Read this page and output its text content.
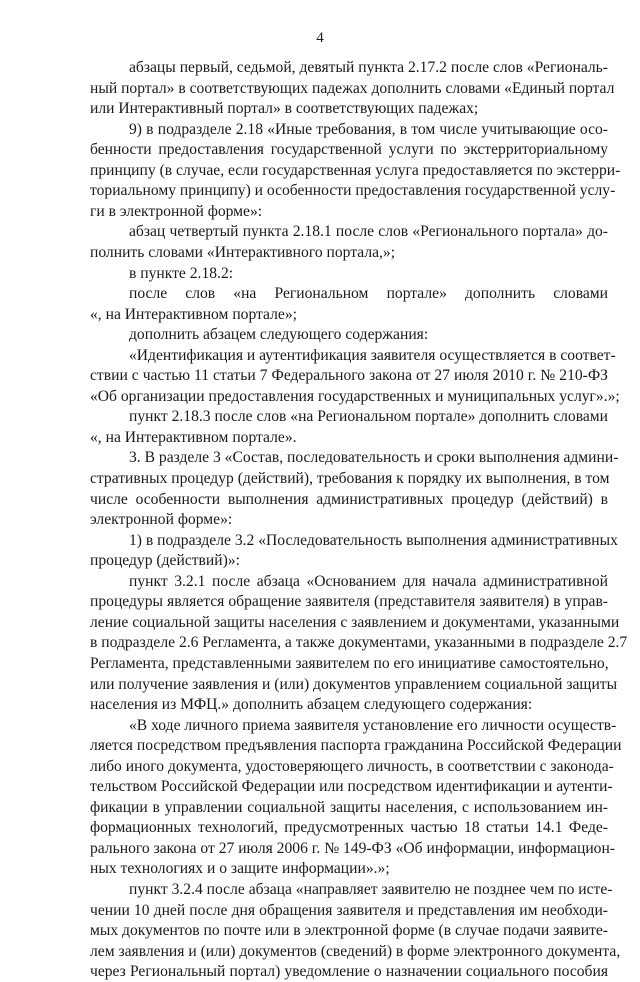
4
абзацы первый, седьмой, девятый пункта 2.17.2 после слов «Региональ-
ный портал» в соответствующих падежах дополнить словами «Единый портал
или Интерактивный портал» в соответствующих падежах;
9) в подразделе 2.18 «Иные требования, в том числе учитывающие осо-
бенности предоставления государственной услуги по экстерриториальному
принципу (в случае, если государственная услуга предоставляется по экстерри-
ториальному принципу) и особенности предоставления государственной услу-
ги в электронной форме»:
абзац четвертый пункта 2.18.1 после слов «Регионального портала» до-
полнить словами «Интерактивного портала,»;
в пункте 2.18.2:
после слов «на Региональном портале» дополнить словами
«, на Интерактивном портале»;
дополнить абзацем следующего содержания:
«Идентификация и аутентификация заявителя осуществляется в соответ-
ствии с частью 11 статьи 7 Федерального закона от 27 июля 2010 г. № 210-ФЗ
«Об организации предоставления государственных и муниципальных услуг».»;
пункт 2.18.3 после слов «на Региональном портале» дополнить словами
«, на Интерактивном портале».
3. В разделе 3 «Состав, последовательность и сроки выполнения админи-
стративных процедур (действий), требования к порядку их выполнения, в том
числе особенности выполнения административных процедур (действий) в
электронной форме»:
1) в подразделе 3.2 «Последовательность выполнения административных
процедур (действий)»:
пункт 3.2.1 после абзаца «Основанием для начала административной
процедуры является обращение заявителя (представителя заявителя) в управ-
ление социальной защиты населения с заявлением и документами, указанными
в подразделе 2.6 Регламента, а также документами, указанными в подразделе 2.7
Регламента, представленными заявителем по его инициативе самостоятельно,
или получение заявления и (или) документов управлением социальной защиты
населения из МФЦ.» дополнить абзацем следующего содержания:
«В ходе личного приема заявителя установление его личности осуществ-
ляется посредством предъявления паспорта гражданина Российской Федерации
либо иного документа, удостоверяющего личность, в соответствии с законода-
тельством Российской Федерации или посредством идентификации и аутенти-
фикации в управлении социальной защиты населения, с использованием ин-
формационных технологий, предусмотренных частью 18 статьи 14.1 Феде-
рального закона от 27 июля 2006 г. № 149-ФЗ «Об информации, информацион-
ных технологиях и о защите информации».»;
пункт 3.2.4 после абзаца «направляет заявителю не позднее чем по исте-
чении 10 дней после дня обращения заявителя и представления им необходи-
мых документов по почте или в электронной форме (в случае подачи заявите-
лем заявления и (или) документов (сведений) в форме электронного документа,
через Региональный портал) уведомление о назначении социального пособия
